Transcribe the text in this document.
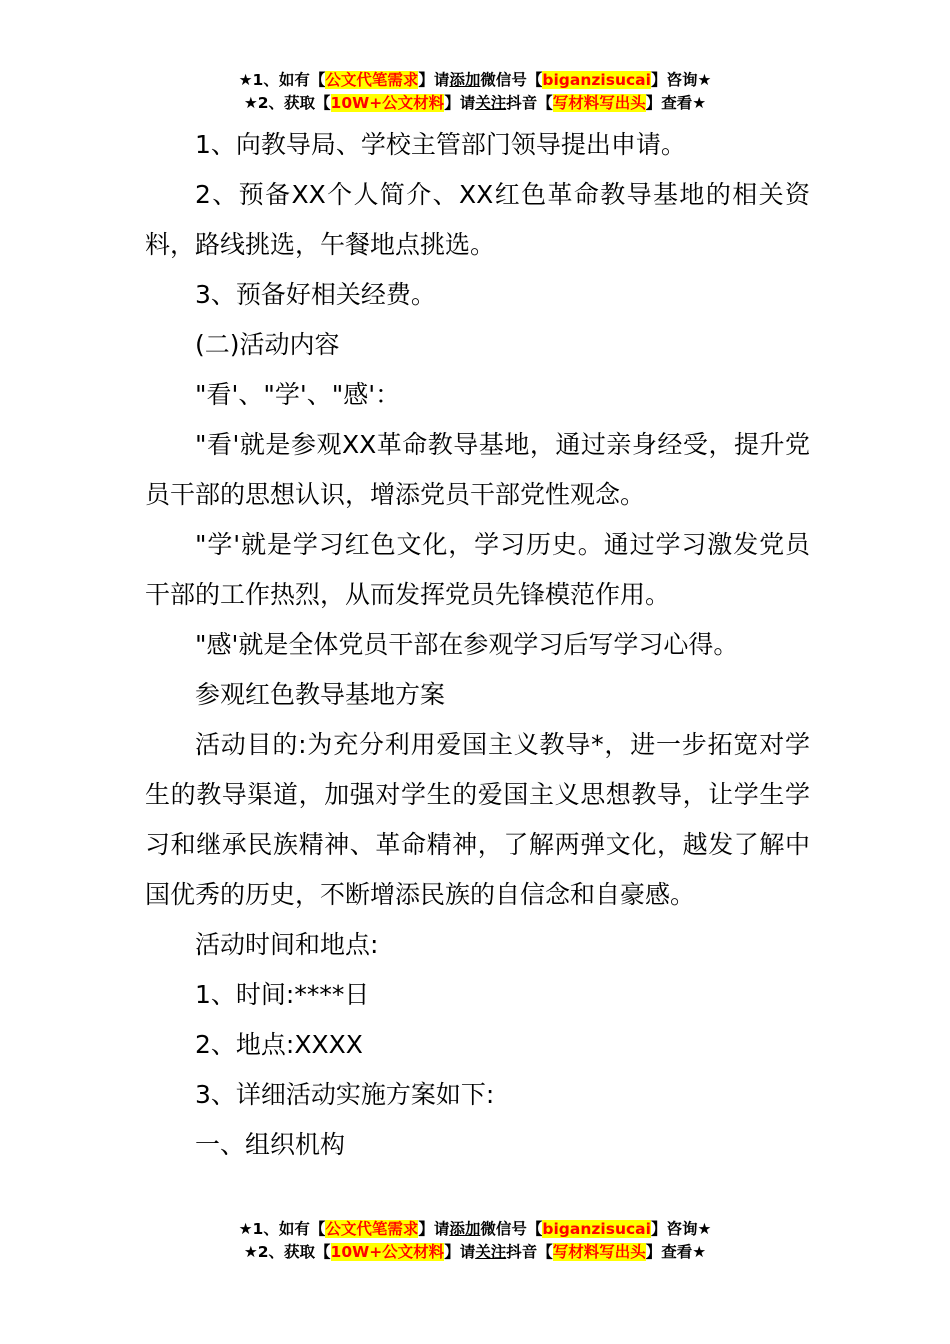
★1、如有【公文代笔需求】请添加微信号【biganzisucai】咨询★
★2、获取【10W+公文材料】请关注抖音【写材料写出头】查看★

1、向教导局、学校主管部门领导提出申请。

2、预备XX个人简介、XX红色革命教导基地的相关资料，路线挑选，午餐地点挑选。

3、预备好相关经费。

(二)活动内容

"看'、"学'、"感'：

"看'就是参观XX革命教导基地，通过亲身经受，提升党员干部的思想认识，增添党员干部党性观念。

"学'就是学习红色文化，学习历史。通过学习激发党员干部的工作热烈，从而发挥党员先锋模范作用。

"感'就是全体党员干部在参观学习后写学习心得。

参观红色教导基地方案

活动目的:为充分利用爱国主义教导*，进一步拓宽对学生的教导渠道，加强对学生的爱国主义思想教导，让学生学习和继承民族精神、革命精神，了解两弹文化，越发了解中国优秀的历史，不断增添民族的自信念和自豪感。

活动时间和地点:

1、时间:****日

2、地点:XXXX

3、详细活动实施方案如下:

一、组织机构

★1、如有【公文代笔需求】请添加微信号【biganzisucai】咨询★
★2、获取【10W+公文材料】请关注抖音【写材料写出头】查看★
